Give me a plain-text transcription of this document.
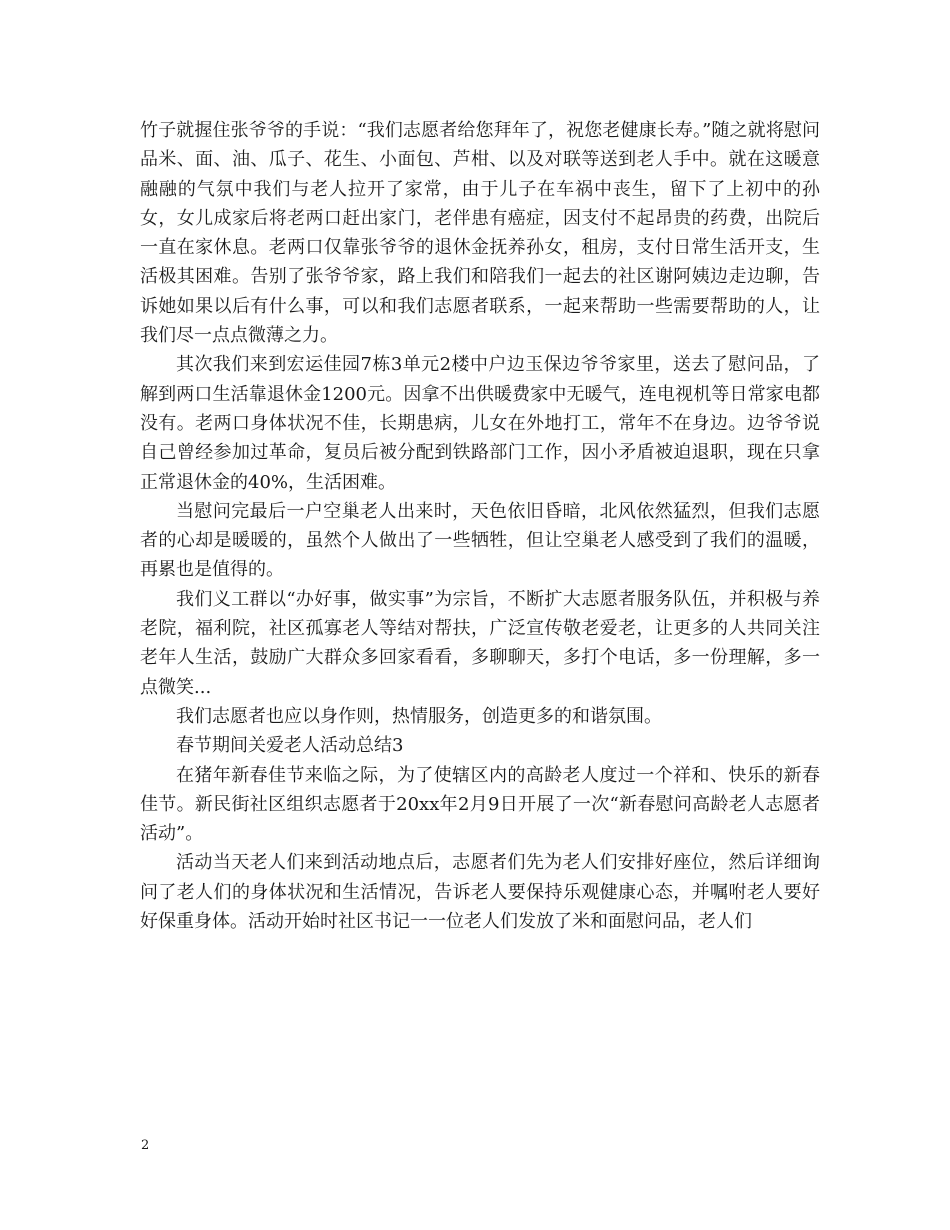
竹子就握住张爷爷的手说：“我们志愿者给您拜年了，祝您老健康长寿。”随之就将慰问品米、面、油、瓜子、花生、小面包、芦柑、以及对联等送到老人手中。就在这暖意融融的气氛中我们与老人拉开了家常，由于儿子在车祸中丧生，留下了上初中的孙女，女儿成家后将老两口赶出家门，老伴患有癌症，因支付不起昂贵的药费，出院后一直在家休息。老两口仅靠张爷爷的退休金抚养孙女，租房，支付日常生活开支，生活极其困难。告别了张爷爷家，路上我们和陪我们一起去的社区谢阿姨边走边聊，告诉她如果以后有什么事，可以和我们志愿者联系，一起来帮助一些需要帮助的人，让我们尽一点点微薄之力。

其次我们来到宏运佳园7栋3单元2楼中户边玉保边爷爷家里，送去了慰问品，了解到两口生活靠退休金1200元。因拿不出供暖费家中无暖气，连电视机等日常家电都没有。老两口身体状况不佳，长期患病，儿女在外地打工，常年不在身边。边爷爷说自己曾经参加过革命，复员后被分配到铁路部门工作，因小矛盾被迫退职，现在只拿正常退休金的40%，生活困难。

当慰问完最后一户空巢老人出来时，天色依旧昏暗，北风依然猛烈，但我们志愿者的心却是暖暖的，虽然个人做出了一些牺牲，但让空巢老人感受到了我们的温暖，再累也是值得的。

我们义工群以“办好事，做实事”为宗旨，不断扩大志愿者服务队伍，并积极与养老院，福利院，社区孤寡老人等结对帮扶，广泛宣传敬老爱老，让更多的人共同关注老年人生活，鼓励广大群众多回家看看，多聊聊天，多打个电话，多一份理解，多一点微笑...

我们志愿者也应以身作则，热情服务，创造更多的和谐氛围。

春节期间关爱老人活动总结3

在猪年新春佳节来临之际，为了使辖区内的高龄老人度过一个祥和、快乐的新春佳节。新民街社区组织志愿者于20xx年2月9日开展了一次“新春慰问高龄老人志愿者活动”。

活动当天老人们来到活动地点后，志愿者们先为老人们安排好座位，然后详细询问了老人们的身体状况和生活情况，告诉老人要保持乐观健康心态，并嘱咐老人要好好保重身体。活动开始时社区书记一一位老人们发放了米和面慰问品，老人们

2
